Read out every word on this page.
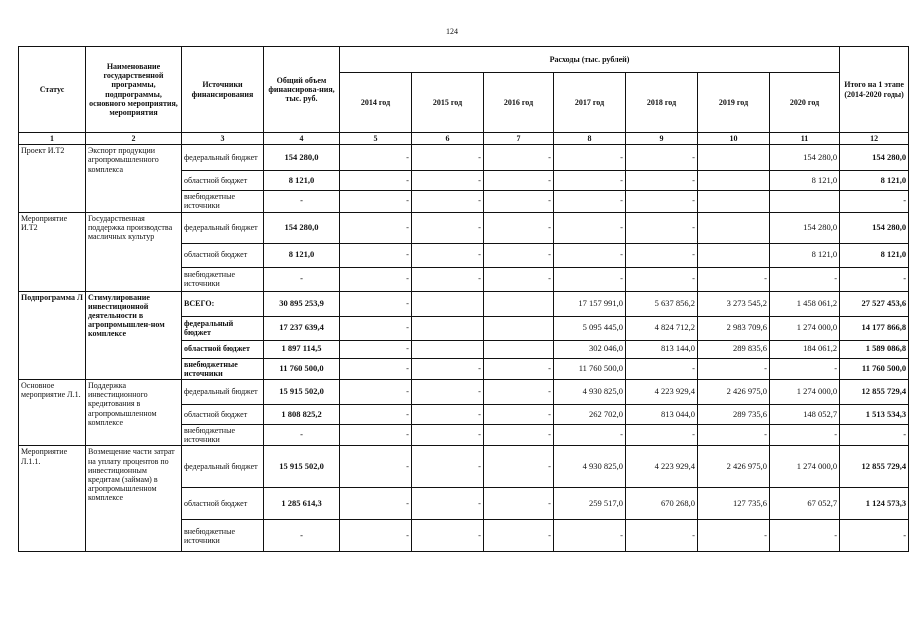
124
Статус	Наименование государственной программы, подпрограммы, основного мероприятия, мероприятия	Источники финансирования	Общий объем финансирова-ния, тыс. руб.	Расходы (тыс. рублей)							Итого на 1 этапе (2014-2020 годы)
				2014 год	2015 год	2016 год	2017 год	2018 год	2019 год	2020 год	
1	2	3	4	5	6	7	8	9	10	11	12
Проект И.Т2	Экспорт продукции агропромышленного комплекса	федеральный бюджет	154 280,0	-	-	-	-	-		154 280,0	154 280,0
		областной бюджет	8 121,0	-	-	-	-	-		8 121,0	8 121,0
		внебюджетные источники	-	-	-	-	-	-			-
Мероприятие И.Т2	Государственная поддержка производства масличных культур	федеральный бюджет	154 280,0	-	-	-	-	-		154 280,0	154 280,0
		областной бюджет	8 121,0	-	-	-	-	-		8 121,0	8 121,0
		внебюджетные источники	-	-	-	-	-	-	-	-	-
Подпрограмма Л	Стимулирование инвестиционной деятельности в агропромышлен-ном комплексе	ВСЕГО:	30 895 253,9	-			17 157 991,0	5 637 856,2	3 273 545,2	1 458 061,2	27 527 453,6
		федеральный бюджет	17 237 639,4	-			5 095 445,0	4 824 712,2	2 983 709,6	1 274 000,0	14 177 866,8
		областной бюджет	1 897 114,5	-			302 046,0	813 144,0	289 835,6	184 061,2	1 589 086,8
		внебюджетные источники	11 760 500,0	-	-	-	11 760 500,0	-	-	-	11 760 500,0
Основное мероприятие Л.1.	Поддержка инвестиционного кредитования в агропромышленном комплексе	федеральный бюджет	15 915 502,0	-	-	-	4 930 825,0	4 223 929,4	2 426 975,0	1 274 000,0	12 855 729,4
		областной бюджет	1 808 825,2	-	-	-	262 702,0	813 044,0	289 735,6	148 052,7	1 513 534,3
		внебюджетные источники	-	-	-	-	-	-	-	-	-
Мероприятие Л.1.1.	Возмещение части затрат на уплату процентов по инвестиционным кредитам (займам) в агропромышленном комплексе	федеральный бюджет	15 915 502,0	-	-	-	4 930 825,0	4 223 929,4	2 426 975,0	1 274 000,0	12 855 729,4
		областной бюджет	1 285 614,3	-	-	-	259 517,0	670 268,0	127 735,6	67 052,7	1 124 573,3
		внебюджетные источники	-	-	-	-	-	-	-	-	-
